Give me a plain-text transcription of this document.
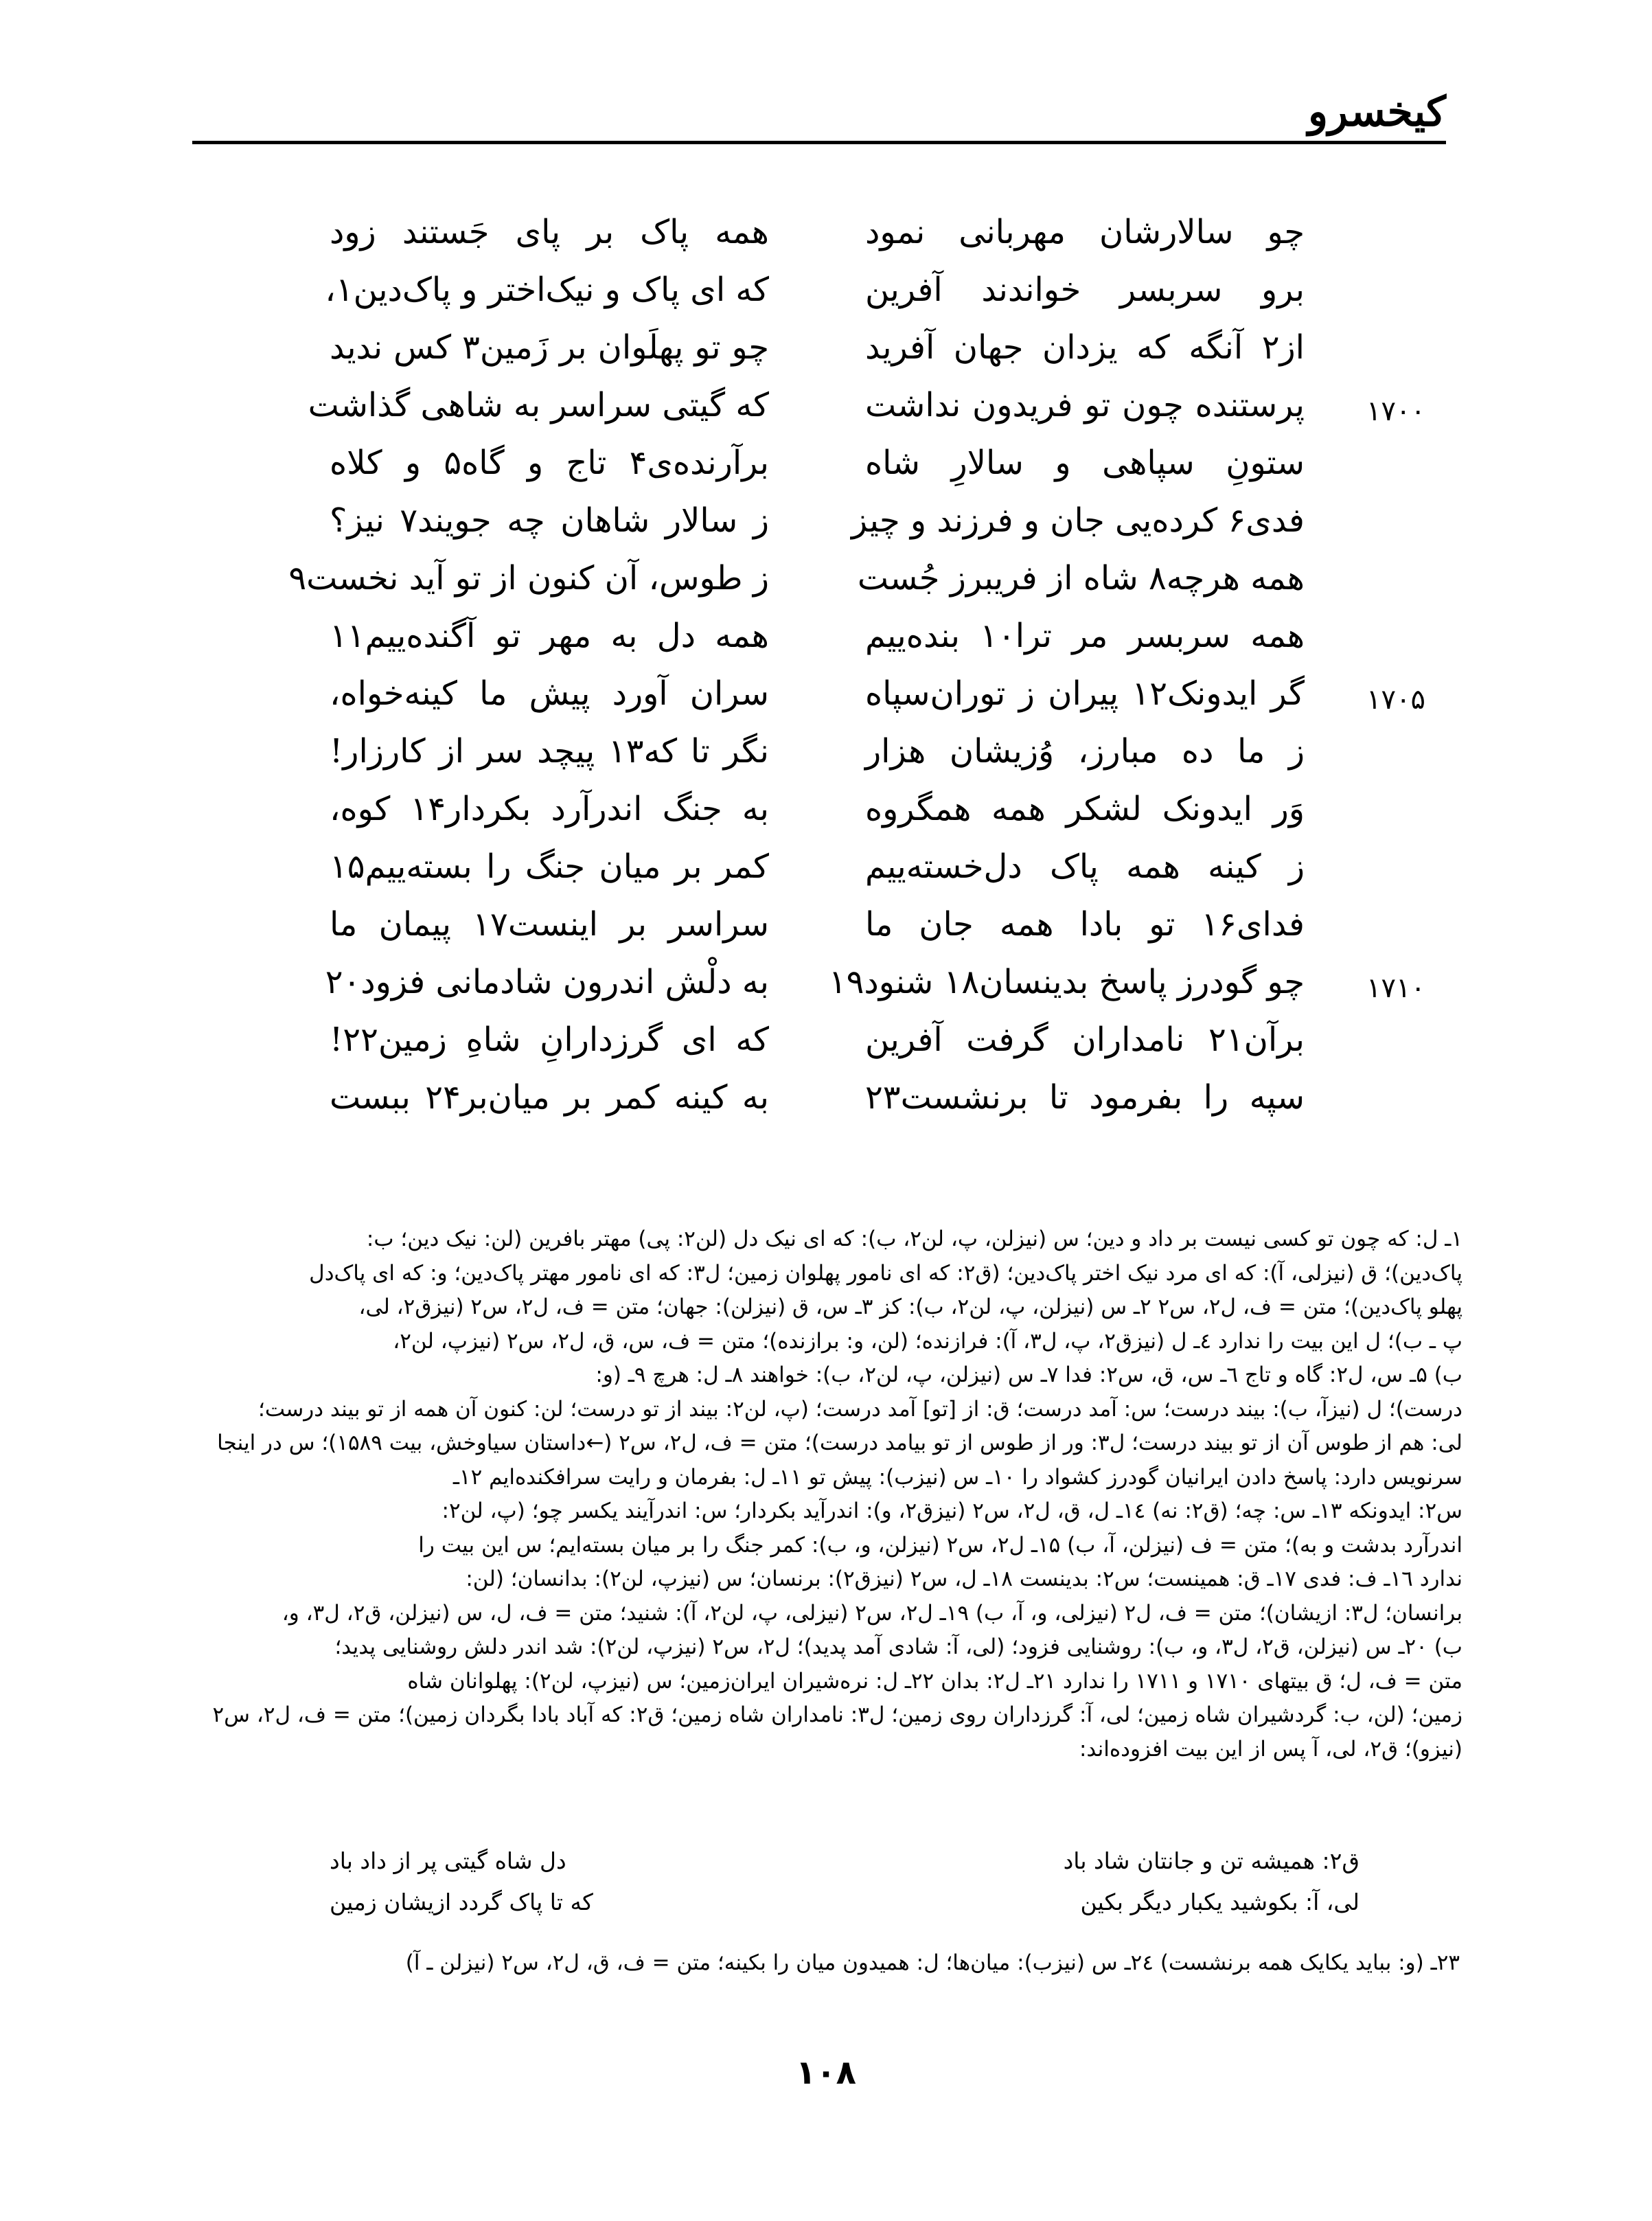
کیخسرو
چو سالارشان مهربانی نمود
همه پاک بر پای جَستند زود
برو سربسر خواندند آفرین
که ای پاک و نیک‌اختر و پاک‌دین۱،
از۲ آنگه که یزدان جهان آفرید
چو تو پهلَوان بر زَمین۳ کس ندید
۱۷۰۰
پرستنده چون تو فریدون نداشت
که گیتی سراسر به شاهی گذاشت
ستونِ سپاهی و سالارِ شاه
برآرنده‌ی۴ تاج و گاه۵ و کلاه
فدی۶ کرده‌یی جان و فرزند و چیز
ز سالار شاهان چه جویند۷ نیز؟
همه هرچه۸ شاه از فریبرز جُست
ز طوس، آن کنون از تو آید نخست۹
همه سربسر مر ترا۱۰ بنده‌ییم
همه دل به مهر تو آگنده‌ییم۱۱
۱۷۰۵
گر ایدونک۱۲ پیران ز توران‌سپاه
سران آورد پیش ما کینه‌خواه،
ز ما ده مبارز، وُزیشان هزار
نگر تا که۱۳ پیچد سر از کارزار!
وَر ایدونک لشکر همه همگروه
به جنگ اندرآرد بکردار۱۴ کوه،
ز کینه همه پاک دل‌خسته‌ییم
کمر بر میان جنگ را بسته‌ییم۱۵
فدای۱۶ تو بادا همه جان ما
سراسر بر اینست۱۷ پیمان ما
۱۷۱۰
چو گودرز پاسخ بدینسان۱۸ شنود۱۹
به دلْش اندرون شادمانی فزود۲۰
برآن۲۱ نامداران گرفت آفرین
که ای گرزدارانِ شاهِ زمین۲۲!
سپه را بفرمود تا برنشست۲۳
به کینه کمر بر میان‌بر۲۴ ببست
۱ـ ل: که چون تو کسی نیست بر داد و دین؛ س (نیزلن، پ، لن۲، ب): که ای نیک دل (لن۲: پی) مهتر بافرین (لن: نیک دین؛ ب:
پاک‌دین)؛ ق (نیزلی، آ): که ای مرد نیک اختر پاک‌دین؛ (ق۲: که ای نامور پهلوان زمین؛ ل۳: که ای نامور مهتر پاک‌دین؛ و: که ای پاک‌دل
پهلو پاک‌دین)؛ متن = ف، ل۲، س۲ ۲ـ س (نیزلن، پ، لن۲، ب): کز ۳ـ س، ق (نیزلن): جهان؛ متن = ف، ل۲، س۲ (نیزق۲، لی،
پ ـ ب)؛ ل این بیت را ندارد ٤ـ ل (نیزق۲، پ، ل۳، آ): فرازنده؛ (لن، و: برازنده)؛ متن = ف، س، ق، ل۲، س۲ (نیزپ، لن۲،
ب) ۵ـ س، ل۲: گاه و تاج ٦ـ س، ق، س۲: فدا ۷ـ س (نیزلن، پ، لن۲، ب): خواهند ۸ـ ل: هرچ ۹ـ (و:
درست)؛ ل (نیزآ، ب): بیند درست؛ س: آمد درست؛ ق: از [تو] آمد درست؛ (پ، لن۲: بیند از تو درست؛ لن: کنون آن همه از تو بیند درست؛
لی: هم از طوس آن از تو بیند درست؛ ل۳: ور از طوس از تو بیامد درست)؛ متن = ف، ل۲، س۲ (←داستان سیاوخش، بیت ۱۵۸۹)؛ س در اینجا
سرنویس دارد: پاسخ دادن ایرانیان گودرز کشواد را ۱۰ـ س (نیزب): پیش تو ۱۱ـ ل: بفرمان و رایت سرافکنده‌ایم ۱۲ـ
س۲: ایدونکه ۱۳ـ س: چه؛ (ق۲: نه) ۱٤ـ ل، ق، ل۲، س۲ (نیزق۲، و): اندرآید بکردار؛ س: اندرآیند یکسر چو؛ (پ، لن۲:
اندرآرد بدشت و به)؛ متن = ف (نیزلن، آ، ب) ۱۵ـ ل۲، س۲ (نیزلن، و، ب): کمر جنگ را بر میان بسته‌ایم؛ س این بیت را
ندارد ۱٦ـ ف: فدی ۱۷ـ ق: همینست؛ س۲: بدینست ۱۸ـ ل، س۲ (نیزق۲): برنسان؛ س (نیزپ، لن۲): بدانسان؛ (لن:
برانسان؛ ل۳: ازیشان)؛ متن = ف، ل۲ (نیزلی، و، آ، ب) ۱۹ـ ل۲، س۲ (نیزلی، پ، لن۲، آ): شنید؛ متن = ف، ل، س (نیزلن، ق۲، ل۳، و،
ب) ۲۰ـ س (نیزلن، ق۲، ل۳، و، ب): روشنایی فزود؛ (لی، آ: شادی آمد پدید)؛ ل۲، س۲ (نیزپ، لن۲): شد اندر دلش روشنایی پدید؛
متن = ف، ل؛ ق بیتهای ۱۷۱۰ و ۱۷۱۱ را ندارد ۲۱ـ ل۲: بدان ۲۲ـ ل: نره‌شیران ایران‌زمین؛ س (نیزپ، لن۲): پهلوانان شاه
زمین؛ (لن، ب: گردشیران شاه زمین؛ لی، آ: گرزداران روی زمین؛ ل۳: نامداران شاه زمین؛ ق۲: که آباد بادا بگردان زمین)؛ متن = ف، ل۲، س۲
(نیزو)؛ ق۲، لی، آ پس از این بیت افزوده‌اند:
ق۲: همیشه تن و جانتان شاد باد
دل شاه گیتی پر از داد باد
لی، آ: بکوشید یکبار دیگر بکین
که تا پاک گردد ازیشان زمین
۲۳ـ (و: بباید یکایک همه برنشست) ۲٤ـ س (نیزب): میان‌ها؛ ل: همیدون میان را بکینه؛ متن = ف، ق، ل۲، س۲ (نیزلن ـ آ)
۱۰۸
